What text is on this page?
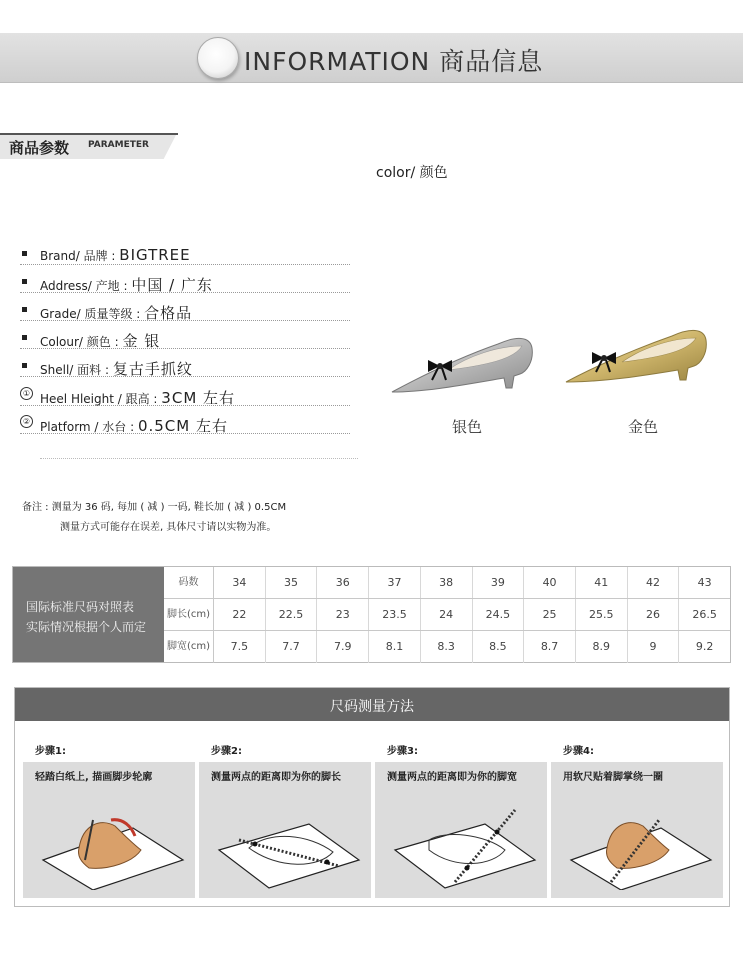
INFORMATION 商品信息
商品参数 PARAMETER
color/ 颜色
Brand/ 品牌 : BIGTREE
Address/ 产地 : 中国 / 广东
Grade/ 质量等级 : 合格品
Colour/ 颜色 : 金 银
Shell/ 面料 : 复古手抓纹
① Heel Hleight / 跟高 : 3CM 左右
② Platform / 水台 : 0.5CM 左右	银色	金色
备注 : 测量为 36 码, 每加 ( 减 ) 一码, 鞋长加 ( 减 ) 0.5CM
测量方式可能存在误差, 具体尺寸请以实物为准。
国际标准尺码对照表
实际情况根据个人而定
码数	34	35	36	37	38	39	40	41	42	43
脚长(cm)	22	22.5	23	23.5	24	24.5	25	25.5	26	26.5
脚宽(cm)	7.5	7.7	7.9	8.1	8.3	8.5	8.7	8.9	9	9.2
尺码测量方法
步骤1:
轻踏白纸上, 描画脚步轮廓
步骤2:
测量两点的距离即为你的脚长
步骤3:
测量两点的距离即为你的脚宽
步骤4:
用软尺贴着脚掌绕一圈
